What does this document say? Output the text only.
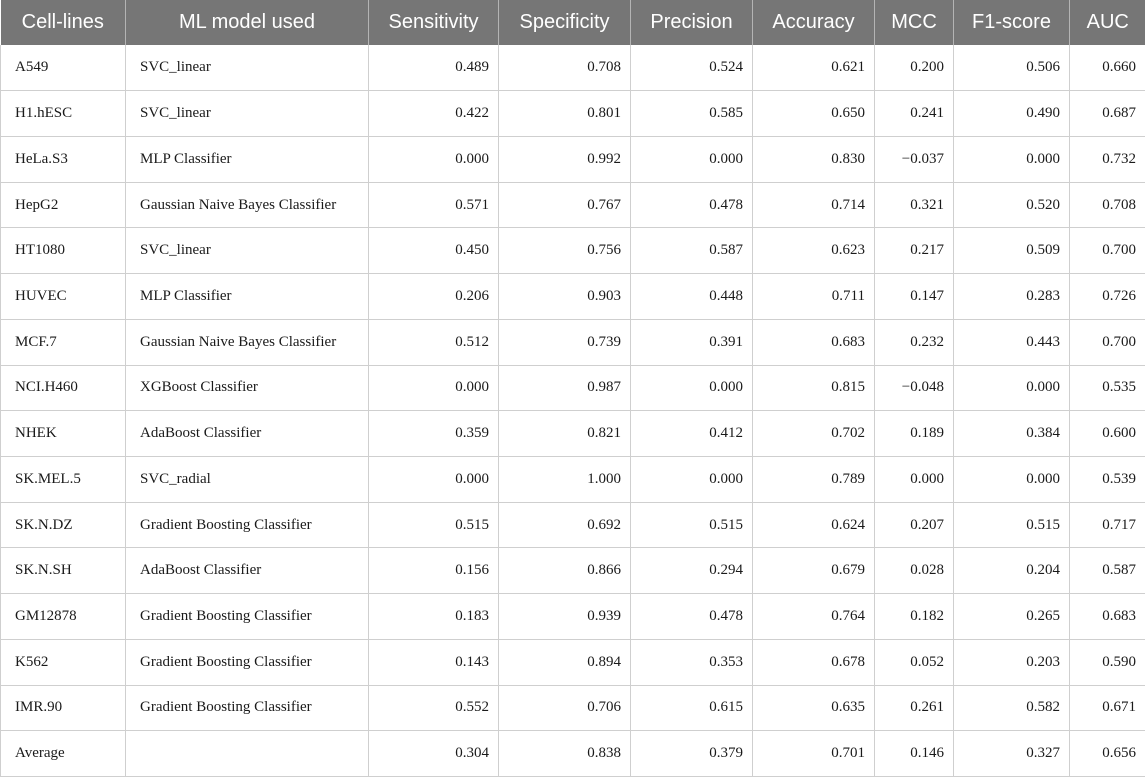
Cell-lines	ML model used	Sensitivity	Specificity	Precision	Accuracy	MCC	F1-score	AUC
A549	SVC_linear	0.489	0.708	0.524	0.621	0.200	0.506	0.660
H1.hESC	SVC_linear	0.422	0.801	0.585	0.650	0.241	0.490	0.687
HeLa.S3	MLP Classifier	0.000	0.992	0.000	0.830	−0.037	0.000	0.732
HepG2	Gaussian Naive Bayes Classifier	0.571	0.767	0.478	0.714	0.321	0.520	0.708
HT1080	SVC_linear	0.450	0.756	0.587	0.623	0.217	0.509	0.700
HUVEC	MLP Classifier	0.206	0.903	0.448	0.711	0.147	0.283	0.726
MCF.7	Gaussian Naive Bayes Classifier	0.512	0.739	0.391	0.683	0.232	0.443	0.700
NCI.H460	XGBoost Classifier	0.000	0.987	0.000	0.815	−0.048	0.000	0.535
NHEK	AdaBoost Classifier	0.359	0.821	0.412	0.702	0.189	0.384	0.600
SK.MEL.5	SVC_radial	0.000	1.000	0.000	0.789	0.000	0.000	0.539
SK.N.DZ	Gradient Boosting Classifier	0.515	0.692	0.515	0.624	0.207	0.515	0.717
SK.N.SH	AdaBoost Classifier	0.156	0.866	0.294	0.679	0.028	0.204	0.587
GM12878	Gradient Boosting Classifier	0.183	0.939	0.478	0.764	0.182	0.265	0.683
K562	Gradient Boosting Classifier	0.143	0.894	0.353	0.678	0.052	0.203	0.590
IMR.90	Gradient Boosting Classifier	0.552	0.706	0.615	0.635	0.261	0.582	0.671
Average		0.304	0.838	0.379	0.701	0.146	0.327	0.656
